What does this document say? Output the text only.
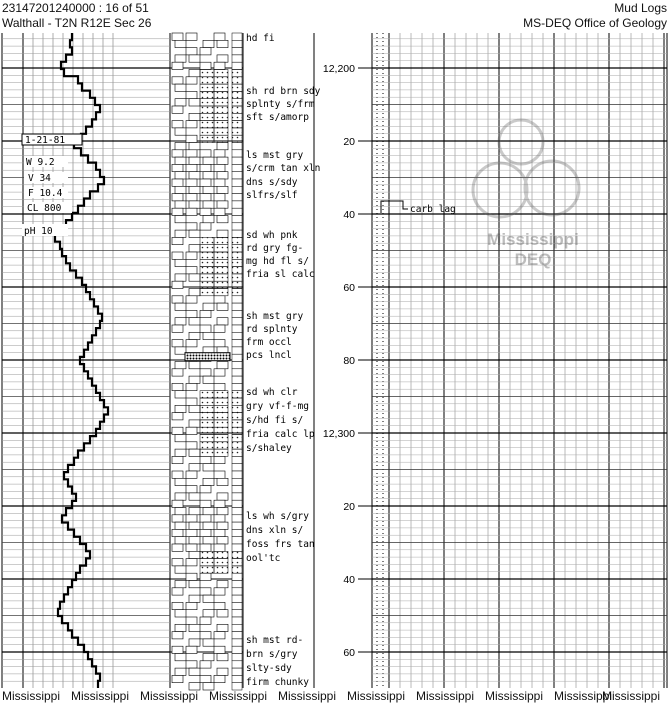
23147201240000 : 16 of 51
Walthall - T2N R12E Sec 26
Mud Logs
MS-DEQ Office of Geology
12,200
20
40
60
80
12,300
20
40
60
hd fi
sh rd brn sdy
splnty s/frm
sft s/amorp
ls mst gry
s/crm tan xln
dns s/sdy
slfrs/slf
sd wh pnk
rd gry fg-
mg hd fl s/
fria sl calc
sh mst gry
rd splnty
frm occl
pcs lncl
sd wh clr
gry vf-f-mg
s/hd fi s/
fria calc lp
s/shaley
ls wh s/gry
dns xln s/
foss frs tan
ool'tc
sh mst rd-
brn s/gry
slty-sdy
firm chunky
1-21-81
W 9.2
V 34
F 10.4
CL 800
pH 10	Mississippi
DEQ
carb lag
Mississippi Mississippi Mississippi Mississippi Mississippi Mississippi Mississippi Mississippi Mississippi
Mississippi
